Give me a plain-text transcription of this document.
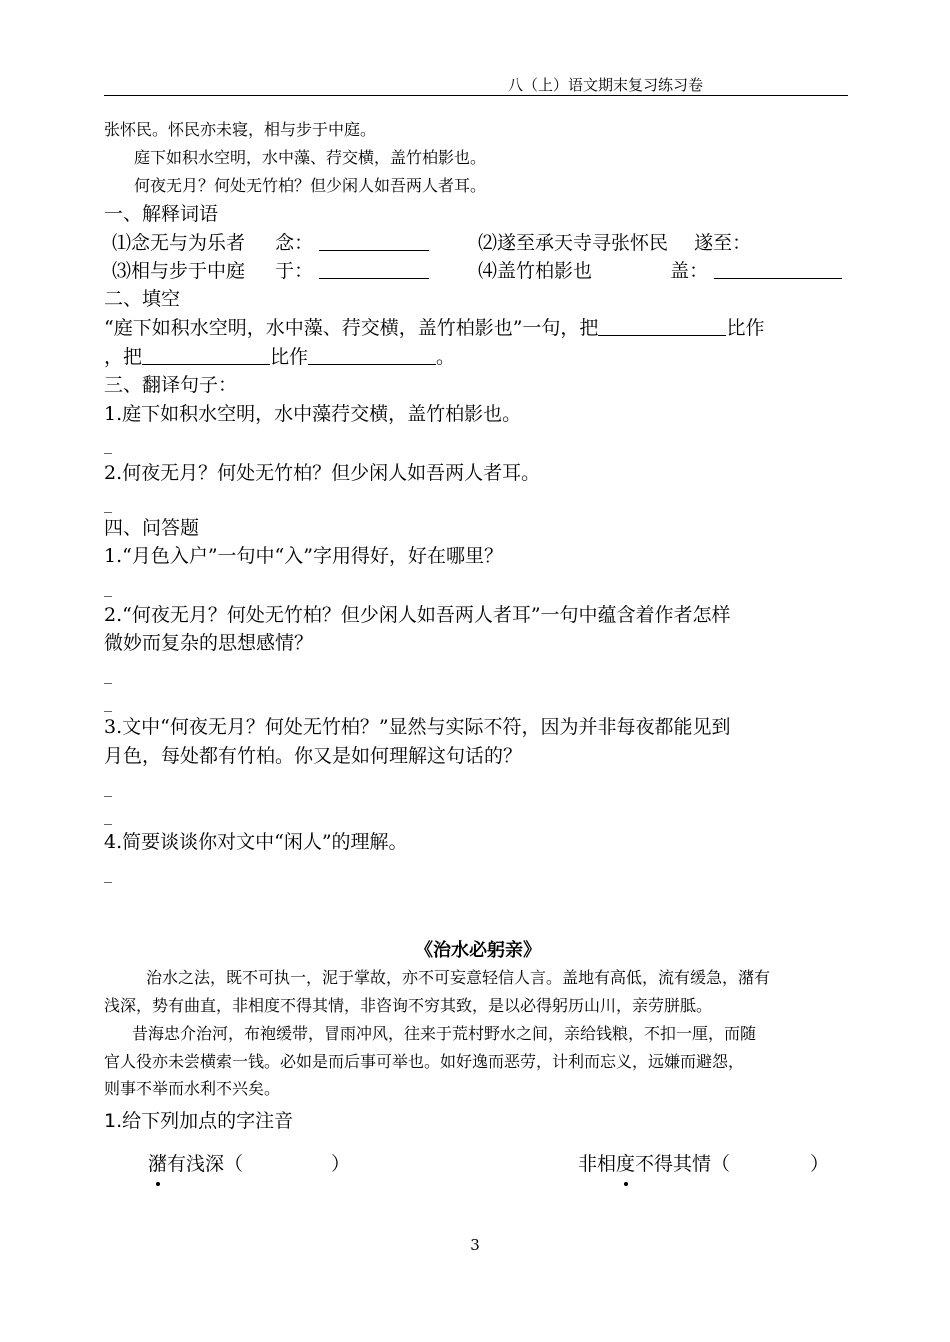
八（上）语文期末复习练习卷
张怀民。怀民亦未寝，相与步于中庭。
庭下如积水空明，水中藻、荇交横，盖竹柏影也。
何夜无月？何处无竹柏？但少闲人如吾两人者耳。
一、解释词语
⑴念无与为乐者 念：	⑵遂至承天寺寻张怀民 遂至：
⑶相与步于中庭 于：	⑷盖竹柏影也	盖：
二、填空
“庭下如积水空明，水中藻、荇交横，盖竹柏影也”一句，把	比作
，把	比作	。
三、翻译句子：
1.庭下如积水空明，水中藻荇交横，盖竹柏影也。
_
2.何夜无月？何处无竹柏？但少闲人如吾两人者耳。
_
四、问答题
1.“月色入户”一句中“入”字用得好，好在哪里？
_
2.“何夜无月？何处无竹柏？但少闲人如吾两人者耳”一句中蕴含着作者怎样
微妙而复杂的思想感情？
_
_
3.文中“何夜无月？何处无竹柏？”显然与实际不符，因为并非每夜都能见到
月色，每处都有竹柏。你又是如何理解这句话的？
_
_
4.简要谈谈你对文中“闲人”的理解。
_
《治水必躬亲》
治水之法，既不可执一，泥于掌故，亦不可妄意轻信人言。盖地有高低，流有缓急，潴有
浅深，势有曲直，非相度不得其情，非咨询不穷其致，是以必得躬历山川，亲劳胼胝。
昔海忠介治河，布袍缓带，冒雨冲风，往来于荒村野水之间，亲给钱粮，不扣一厘，而随
官人役亦未尝横索一钱。必如是而后事可举也。如好逸而恶劳，计利而忘义，远嫌而避怨，
则事不举而水利不兴矣。
1.给下列加点的字注音
潴有浅深（	）	非相度不得其情（	）
3
